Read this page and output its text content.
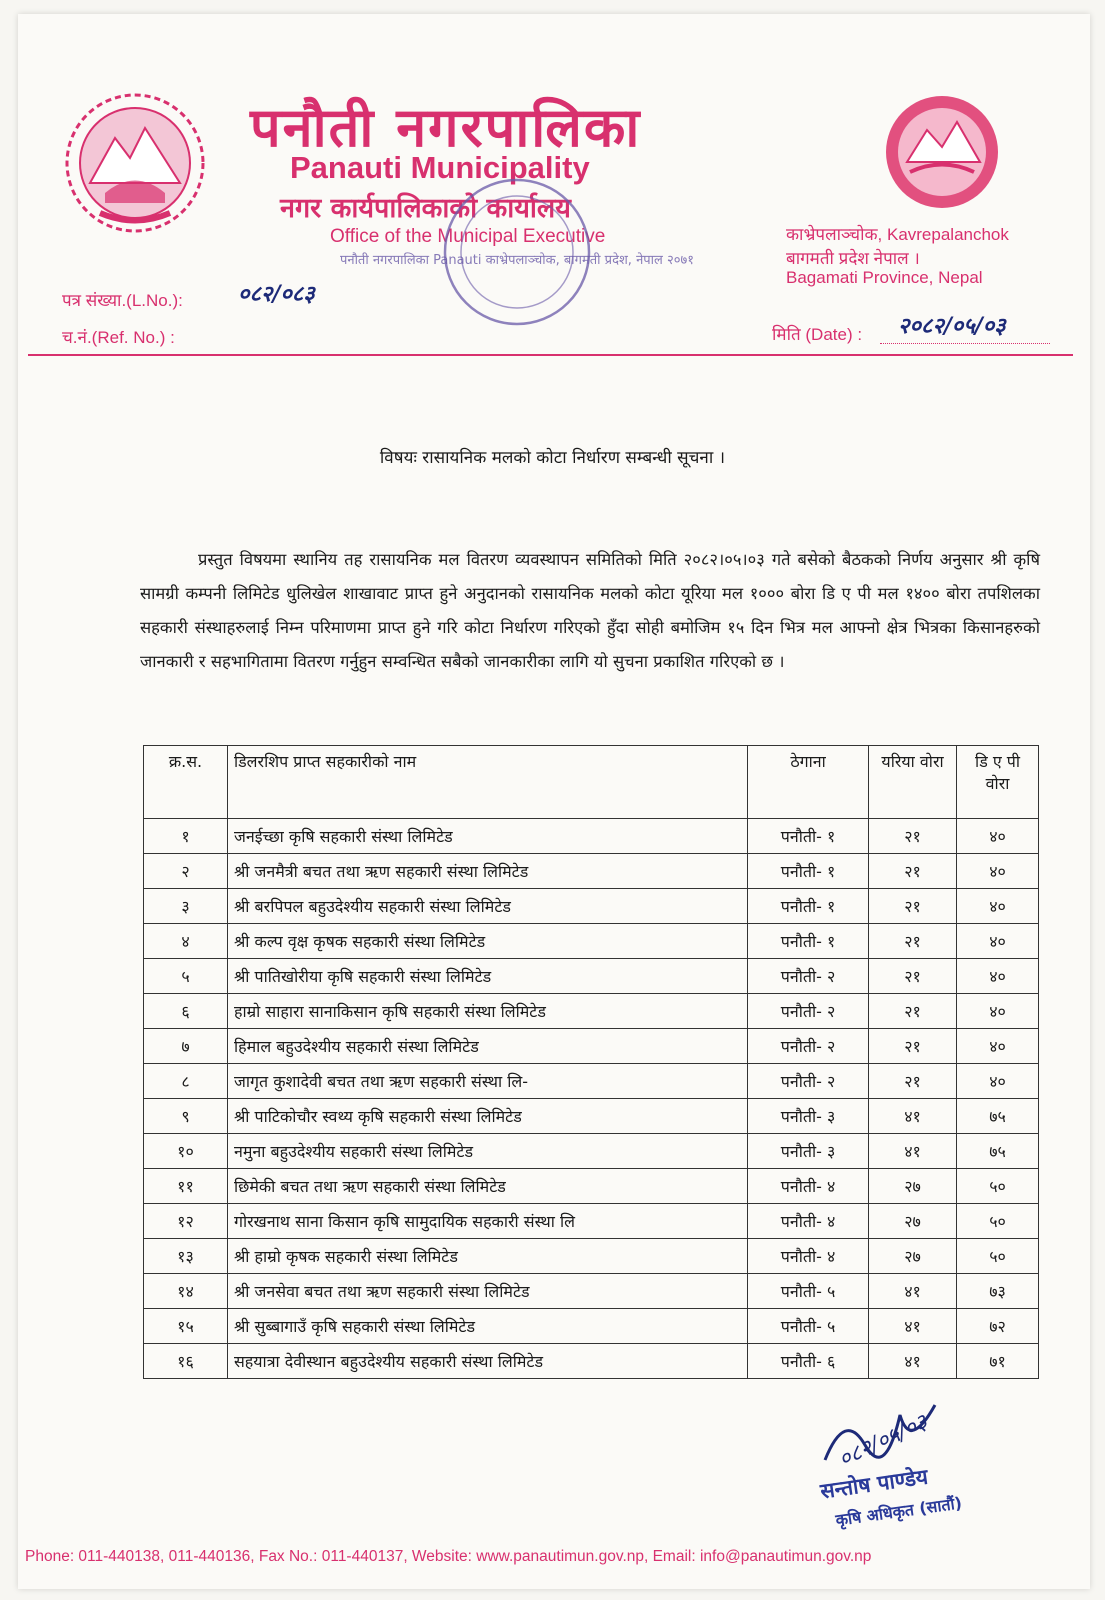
पनौती नगरपालिका
Panauti Municipality
नगर कार्यपालिकाको कार्यालय
Office of the Municipal Executive
पनौती नगरपालिका Panauti काभ्रेपलाञ्चोक, बागमती प्रदेश, नेपाल २०७१
काभ्रेपलाञ्चोक, Kavrepalanchok
बागमती प्रदेश नेपाल ।
Bagamati Province, Nepal
पत्र संख्या.(L.No.):	०८२/०८३
च.नं.(Ref. No.) :	मिति (Date) : २०८२/०५/०३
विषयः रासायनिक मलको कोटा निर्धारण सम्बन्धी सूचना ।
प्रस्तुत विषयमा स्थानिय तह रासायनिक मल वितरण व्यवस्थापन समितिको मिति २०८२।०५।०३ गते बसेको बैठकको निर्णय अनुसार श्री कृषि सामग्री कम्पनी लिमिटेड धुलिखेल शाखावाट प्राप्त हुने अनुदानको रासायनिक मलको कोटा यूरिया मल १००० बोरा डि ए पी मल १४०० बोरा तपशिलका सहकारी संस्थाहरुलाई निम्न परिमाणमा प्राप्त हुने गरि कोटा निर्धारण गरिएको हुँदा सोही बमोजिम १५ दिन भित्र मल आफ्नो क्षेत्र भित्रका किसानहरुको जानकारी र सहभागितामा वितरण गर्नुहुन सम्वन्धित सबैको जानकारीका लागि यो सुचना प्रकाशित गरिएको छ ।
क्र.स.	डिलरशिप प्राप्त सहकारीको नाम	ठेगाना	यरिया वोरा	डि ए पी वोरा
१	जनईच्छा कृषि सहकारी संस्था लिमिटेड	पनौती- १	२१	४०
२	श्री जनमैत्री बचत तथा ऋण सहकारी संस्था लिमिटेड	पनौती- १	२१	४०
३	श्री बरपिपल बहुउदेश्यीय सहकारी संस्था लिमिटेड	पनौती- १	२१	४०
४	श्री कल्प वृक्ष कृषक सहकारी संस्था लिमिटेड	पनौती- १	२१	४०
५	श्री पातिखोरीया कृषि सहकारी संस्था लिमिटेड	पनौती- २	२१	४०
६	हाम्रो साहारा सानाकिसान कृषि सहकारी संस्था लिमिटेड	पनौती- २	२१	४०
७	हिमाल बहुउदेश्यीय सहकारी संस्था लिमिटेड	पनौती- २	२१	४०
८	जागृत कुशादेवी बचत तथा ऋण सहकारी संस्था लि-	पनौती- २	२१	४०
९	श्री पाटिकोचौर स्वथ्य कृषि सहकारी संस्था लिमिटेड	पनौती- ३	४१	७५
१०	नमुना बहुउदेश्यीय सहकारी संस्था लिमिटेड	पनौती- ३	४१	७५
११	छिमेकी बचत तथा ऋण सहकारी संस्था लिमिटेड	पनौती- ४	२७	५०
१२	गोरखनाथ साना किसान कृषि सामुदायिक सहकारी संस्था लि	पनौती- ४	२७	५०
१३	श्री हाम्रो कृषक सहकारी संस्था लिमिटेड	पनौती- ४	२७	५०
१४	श्री जनसेवा बचत तथा ऋण सहकारी संस्था लिमिटेड	पनौती- ५	४१	७३
१५	श्री सुब्बागाउँ कृषि सहकारी संस्था लिमिटेड	पनौती- ५	४१	७२
१६	सहयात्रा देवीस्थान बहुउदेश्यीय सहकारी संस्था लिमिटेड	पनौती- ६	४१	७१
०८२/०५/०३
सन्तोष पाण्डेय
कृषि अधिकृत (सातौं)
Phone: 011-440138, 011-440136, Fax No.: 011-440137, Website: www.panautimun.gov.np, Email: info@panautimun.gov.np
